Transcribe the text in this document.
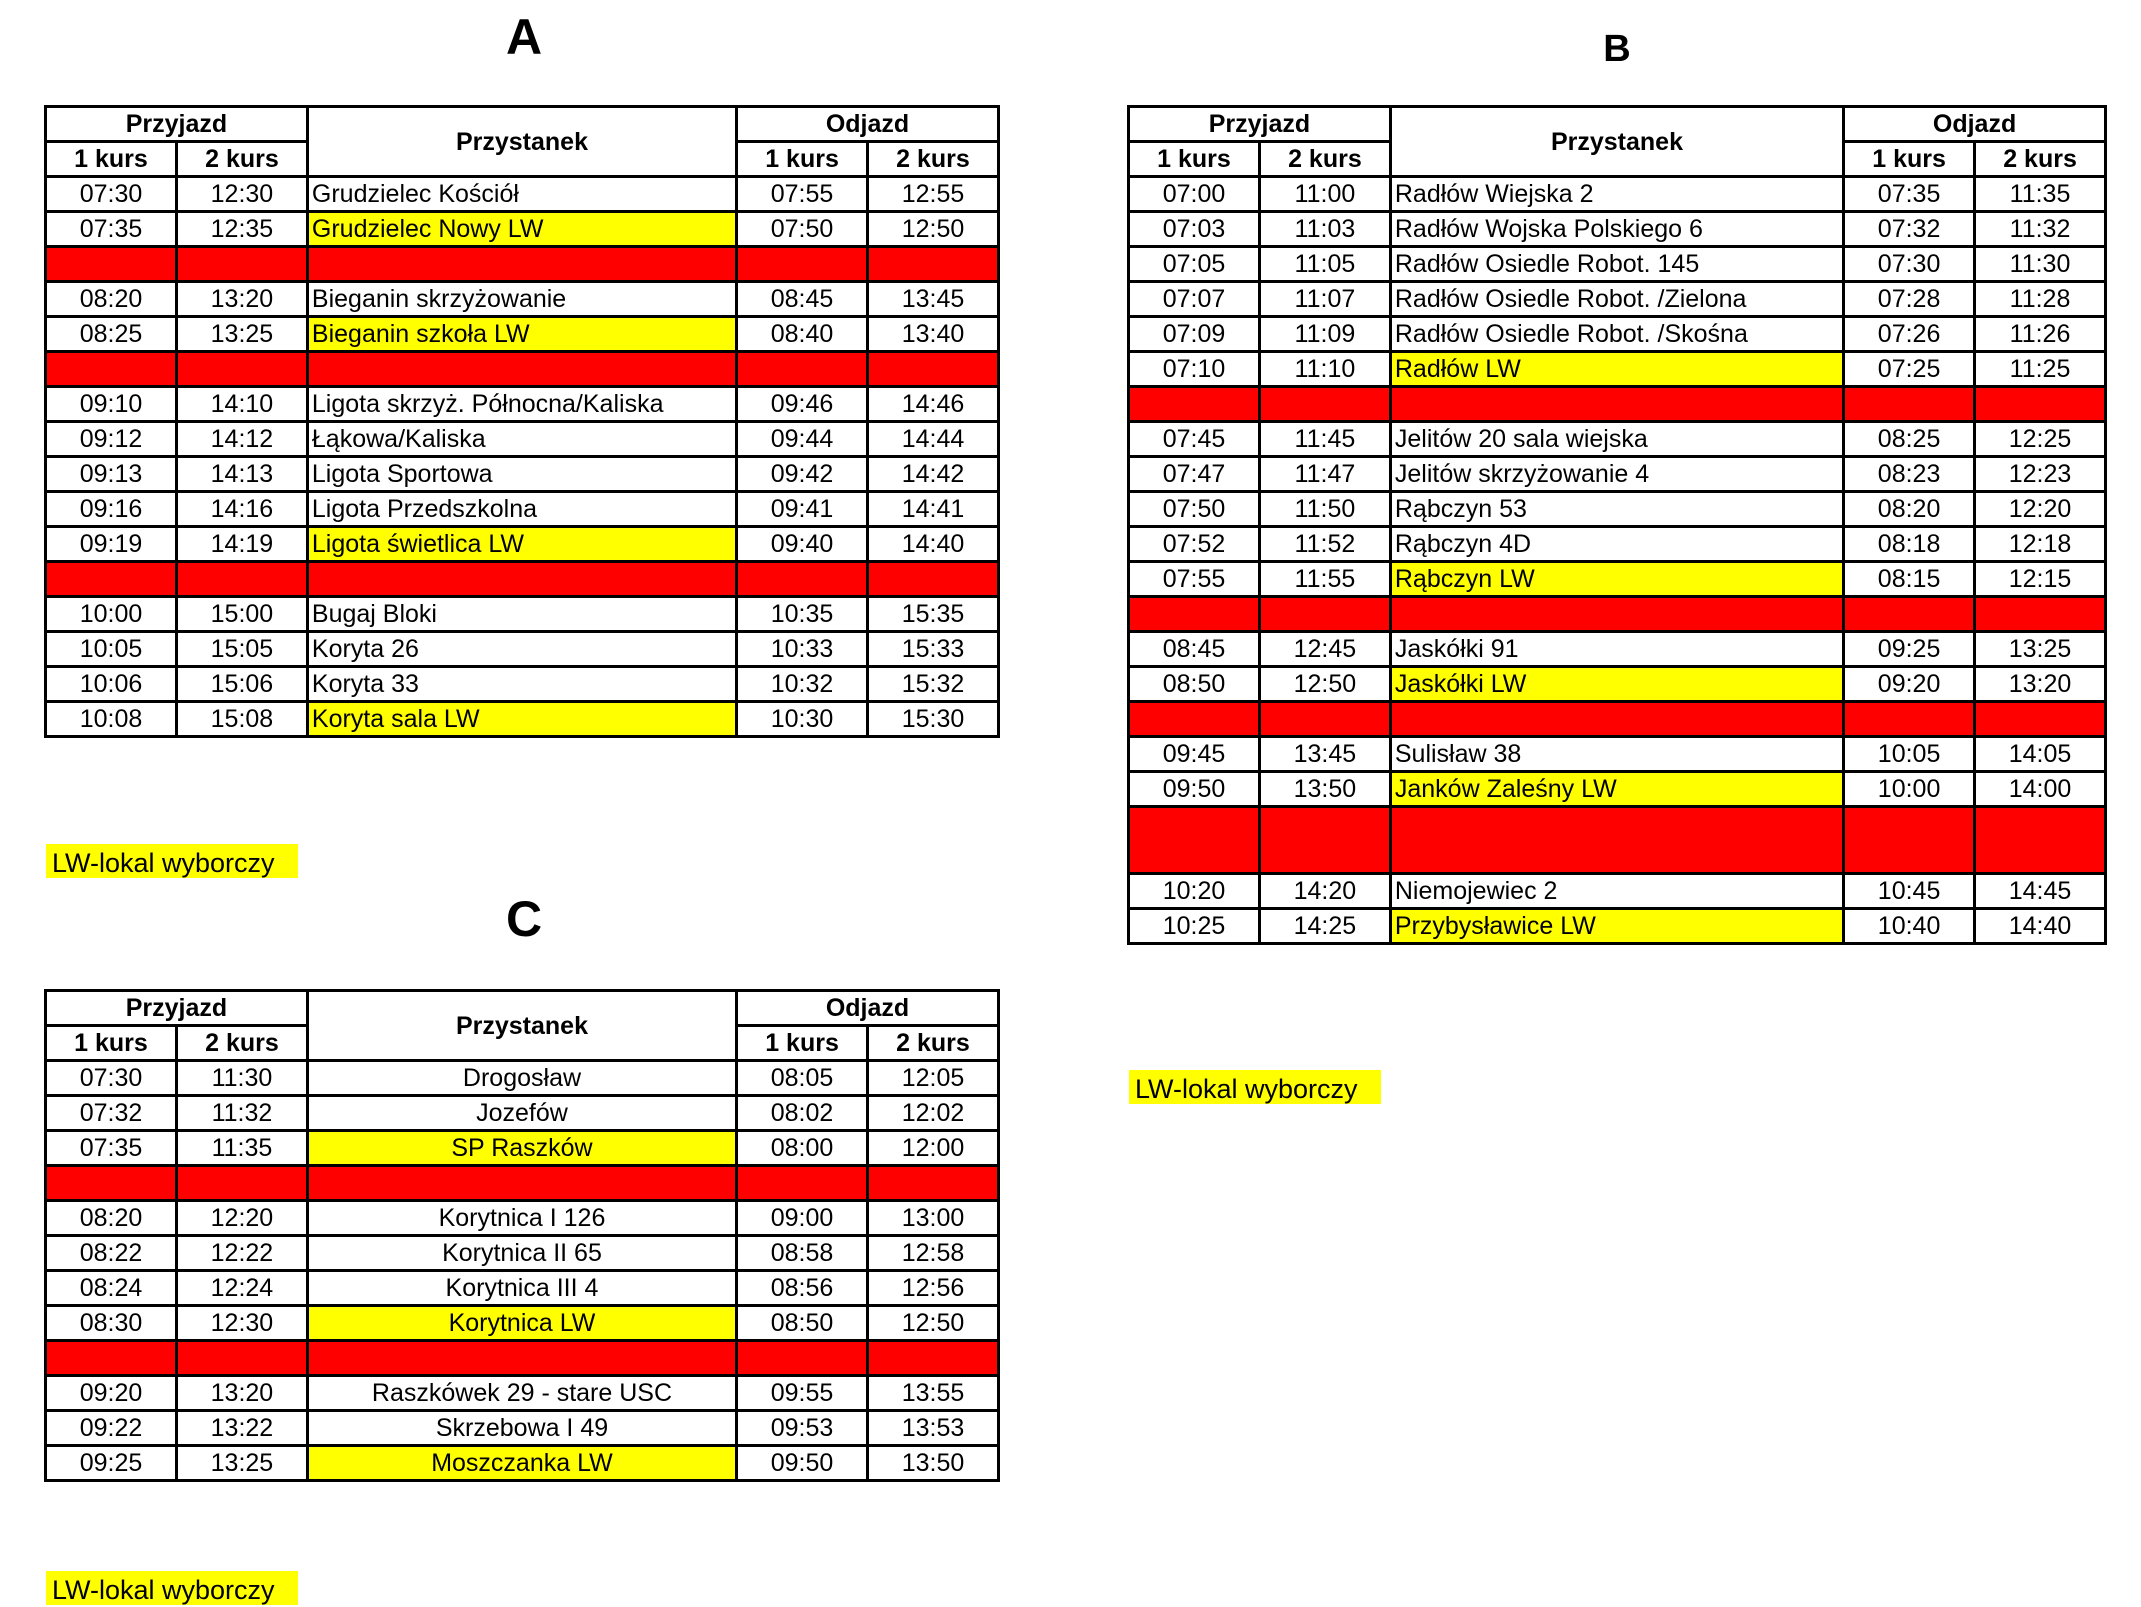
A	B
C
Przyjazd		Przystanek	Odjazd	
1 kurs	2 kurs		1 kurs	2 kurs
07:30	12:30	Grudzielec Kościół	07:55	12:55
07:35	12:35	Grudzielec Nowy LW	07:50	12:50

08:20	13:20	Bieganin skrzyżowanie	08:45	13:45
08:25	13:25	Bieganin szkoła LW	08:40	13:40

09:10	14:10	Ligota skrzyż. Północna/Kaliska	09:46	14:46
09:12	14:12	Łąkowa/Kaliska	09:44	14:44
09:13	14:13	Ligota Sportowa	09:42	14:42
09:16	14:16	Ligota Przedszkolna	09:41	14:41
09:19	14:19	Ligota świetlica LW	09:40	14:40

10:00	15:00	Bugaj Bloki	10:35	15:35
10:05	15:05	Koryta 26	10:33	15:33
10:06	15:06	Koryta 33	10:32	15:32
10:08	15:08	Koryta sala LW	10:30	15:30
Przyjazd		Przystanek	Odjazd	
1 kurs	2 kurs		1 kurs	2 kurs
07:00	11:00	Radłów Wiejska 2	07:35	11:35
07:03	11:03	Radłów Wojska Polskiego 6	07:32	11:32
07:05	11:05	Radłów Osiedle Robot. 145	07:30	11:30
07:07	11:07	Radłów Osiedle Robot. /Zielona	07:28	11:28
07:09	11:09	Radłów Osiedle Robot. /Skośna	07:26	11:26
07:10	11:10	Radłów LW	07:25	11:25

07:45	11:45	Jelitów 20 sala wiejska	08:25	12:25
07:47	11:47	Jelitów skrzyżowanie 4	08:23	12:23
07:50	11:50	Rąbczyn 53	08:20	12:20
07:52	11:52	Rąbczyn 4D	08:18	12:18
07:55	11:55	Rąbczyn LW	08:15	12:15

08:45	12:45	Jaskółki 91	09:25	13:25
08:50	12:50	Jaskółki LW	09:20	13:20

09:45	13:45	Sulisław 38	10:05	14:05
09:50	13:50	Janków Zaleśny LW	10:00	14:00

10:20	14:20	Niemojewiec 2	10:45	14:45
10:25	14:25	Przybysławice LW	10:40	14:40
Przyjazd		Przystanek	Odjazd	
1 kurs	2 kurs		1 kurs	2 kurs
07:30	11:30	Drogosław	08:05	12:05
07:32	11:32	Jozefów	08:02	12:02
07:35	11:35	SP Raszków	08:00	12:00

08:20	12:20	Korytnica I 126	09:00	13:00
08:22	12:22	Korytnica II 65	08:58	12:58
08:24	12:24	Korytnica III 4	08:56	12:56
08:30	12:30	Korytnica LW	08:50	12:50

09:20	13:20	Raszkówek 29 - stare USC	09:55	13:55
09:22	13:22	Skrzebowa I 49	09:53	13:53
09:25	13:25	Moszczanka LW	09:50	13:50
LW-lokal wyborczy
LW-lokal wyborczy
LW-lokal wyborczy
